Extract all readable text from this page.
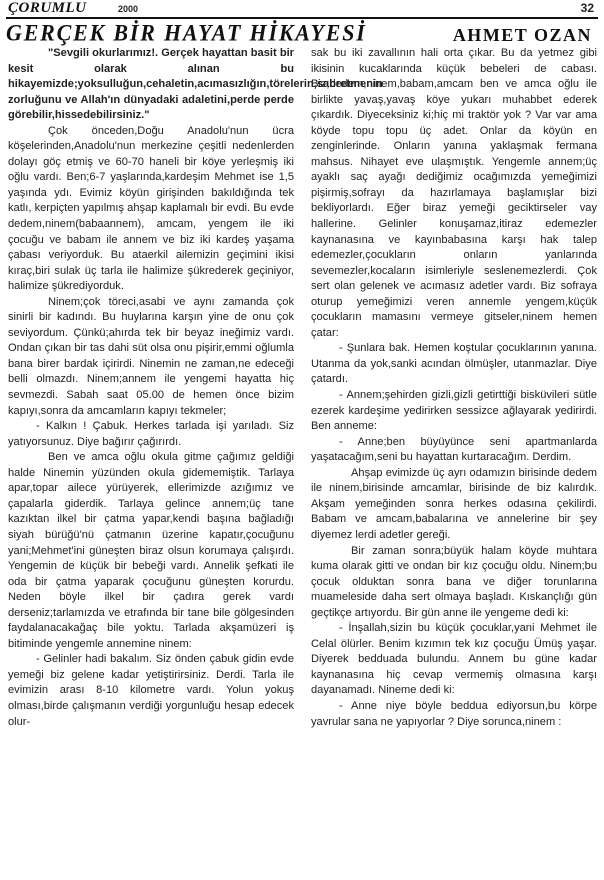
ÇORUMLU	2000	32
GERÇEK BİR HAYAT HİKAYESİ	AHMET OZAN

"Sevgili okurlarımız!. Gerçek hayattan basit bir kesit olarak alınan bu hikayemizde;yoksulluğun,cehaletin,acımasızlığın,törelerin,sabretmenin zorluğunu ve Allah'ın dünyadaki adaletini,perde perde görebilir,hissedebilirsiniz."

Çok önceden,Doğu Anadolu'nun ücra köşelerinden,Anadolu'nun merkezine çeşitli nedenlerden dolayı göç etmiş ve 60-70 haneli bir köye yerleşmiş iki oğlu vardı. Ben;6-7 yaşlarında,kardeşim Mehmet ise 1,5 yaşında ydı. Evimiz köyün girişinden bakıldığında tek katlı, kerpiçten yapılmış ahşap kaplamalı bir evdi. Bu evde dedem,ninem(babaannem), amcam, yengem ile iki çocuğu ve babam ile annem ve biz iki kardeş yaşama çabası veriyorduk. Bu ataerkil ailemizin geçimini ikisi kıraç,biri sulak üç tarla ile halimize şükrederek geçiniyor, halimize şükrediyorduk.

Ninem;çok töreci,asabi ve aynı zamanda çok sinirli bir kadındı. Bu huylarına karşın yine de onu çok seviyordum. Çünkü;ahırda tek bir beyaz ineğimiz vardı. Ondan çıkan bir tas dahi süt olsa onu pişirir,emmi oğlumla bana birer bardak içirirdi. Ninemin ne zaman,ne edeceği belli olmazdı. Ninem;annem ile yengemi hayatta hiç sevmezdi. Sabah saat 05.00 de hemen önce bizim kapıyı,sonra da amcamların kapıyı tekmeler;

- Kalkın ! Çabuk. Herkes tarlada işi yarıladı. Siz yatıyorsunuz. Diye bağırır çağırırdı.

Ben ve amca oğlu okula gitme çağımız geldiği halde Ninemin yüzünden okula gidememiştik. Tarlaya apar,topar ailece yürüyerek, ellerimizde azığımız ve çapalarla giderdik. Tarlaya gelince annem;üç tane kazıktan ilkel bir çatma yapar,kendi başına bağladığı siyah bürüğü'nü çatmanın üzerine kapatır,çocuğunu yani;Mehmet'ini güneşten biraz olsun korumaya çalışırdı. Yengemin de küçük bir bebeği vardı. Annelik şefkati ile oda bir çatma yaparak çocuğunu güneşten korurdu. Neden böyle ilkel bir çadıra gerek vardı derseniz;tarlamızda ve etrafında bir tane bile gölgesinden faydalanacakağaç bile yoktu. Tarlada akşamüzeri iş bitiminde yengemle annemine ninem:

- Gelinler hadi bakalım. Siz önden çabuk gidin evde yemeği biz gelene kadar yetiştirirsiniz. Derdi. Tarla ile evimizin arası 8-10 kilometre vardı. Yolun yokuş olması,birde çalışmanın verdiği yorgunluğu hesap edecek olur-

sak bu iki zavallının hali orta çıkar. Bu da yetmez gibi ikisinin kucaklarında küçük bebeleri de cabası. Biz;dedem,ninem,babam,amcam ben ve amca oğlu ile birlikte yavaş,yavaş köye yukarı muhabbet ederek çıkardık. Diyeceksiniz ki;hiç mi traktör yok ? Var var ama köyde topu topu üç adet. Onlar da köyün en zenginlerinde. Onların yanına yaklaşmak fermana mahsus. Nihayet eve ulaşmıştık. Yengemle annem;üç ayaklı saç ayağı dediğimiz ocağımızda yemeğimizi pişirmiş,sofrayı da hazırlamaya başlamışlar bizi bekliyorlardı. Eğer biraz yemeği geciktirseler vay hallerine. Gelinler konuşamaz,itiraz edemezler kaynanasına ve kayınbabasına karşı hak talep edemezler,çocukların onların yanlarında sevemezler,kocaların isimleriyle seslenemezlerdi. Çok sert olan gelenek ve acımasız adetler vardı. Biz sofraya oturup yemeğimizi veren annemle yengem,küçük çocukların mamasını vermeye gitseler,ninem hemen çatar:

- Şunlara bak. Hemen koştular çocuklarının yanına. Utanma da yok,sanki acından ölmüşler, utanmazlar. Diye çatardı.

- Annem;şehirden gizli,gizli getirttiği bisküvileri sütle ezerek kardeşime yedirirken sessizce ağlayarak yedirirdi. Ben anneme:

- Anne;ben büyüyünce seni apartmanlarda yaşatacağım,seni bu hayattan kurtaracağım. Derdim.

Ahşap evimizde üç ayrı odamızın birisinde dedem ile ninem,birisinde amcamlar, birisinde de biz kalırdık. Akşam yemeğinden sonra herkes odasına çekilirdi. Babam ve amcam,babalarına ve annelerine bir şey diyemez lerdi adetler gereği.

Bir zaman sonra;büyük halam köyde muhtara kuma olarak gitti ve ondan bir kız çocuğu oldu. Ninem;bu çocuk olduktan sonra bana ve diğer torunlarına muameleside daha sert olmaya başladı. Kıskançlığı gün geçtikçe artıyordu. Bir gün anne ile yengeme dedi ki:

- İnşallah,sizin bu küçük çocuklar,yani Mehmet ile Celal ölürler. Benim kızımın tek kız çocuğu Ümüş yaşar. Diyerek bedduada bulundu. Annem bu güne kadar kaynanasına hiç cevap vermemiş olmasına karşı dayanamadı. Nineme dedi ki:

- Anne niye böyle beddua ediyorsun,bu körpe yavrular sana ne yapıyorlar ? Diye sorunca,ninem :
